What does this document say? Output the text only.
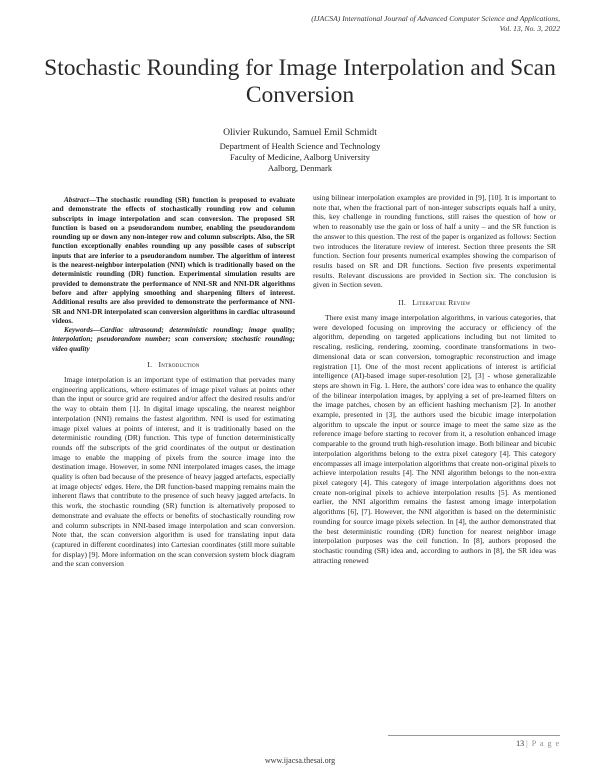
(IJACSA) International Journal of Advanced Computer Science and Applications,
Vol. 13, No. 3, 2022
Stochastic Rounding for Image Interpolation and Scan Conversion
Olivier Rukundo, Samuel Emil Schmidt
Department of Health Science and Technology
Faculty of Medicine, Aalborg University
Aalborg, Denmark

Abstract—The stochastic rounding (SR) function is proposed to evaluate and demonstrate the effects of stochastically rounding row and column subscripts in image interpolation and scan conversion. The proposed SR function is based on a pseudorandom number, enabling the pseudorandom rounding up or down any non-integer row and column subscripts. Also, the SR function exceptionally enables rounding up any possible cases of subscript inputs that are inferior to a pseudorandom number. The algorithm of interest is the nearest-neighbor interpolation (NNI) which is traditionally based on the deterministic rounding (DR) function. Experimental simulation results are provided to demonstrate the performance of NNI-SR and NNI-DR algorithms before and after applying smoothing and sharpening filters of interest. Additional results are also provided to demonstrate the performance of NNI-SR and NNI-DR interpolated scan conversion algorithms in cardiac ultrasound videos.

Keywords—Cardiac ultrasound; deterministic rounding; image quality; interpolation; pseudorandom number; scan conversion; stochastic rounding; video quality

I. Introduction

Image interpolation is an important type of estimation that pervades many engineering applications, where estimates of image pixel values at points other than the input or source grid are required and/or affect the desired results and/or the way to obtain them [1]. In digital image upscaling, the nearest neighbor interpolation (NNI) remains the fastest algorithm. NNI is used for estimating image pixel values at points of interest, and it is traditionally based on the deterministic rounding (DR) function. This type of function deterministically rounds off the subscripts of the grid coordinates of the output or destination image to enable the mapping of pixels from the source image into the destination image. However, in some NNI interpolated images cases, the image quality is often bad because of the presence of heavy jagged artefacts, especially at image objects' edges. Here, the DR function-based mapping remains main the inherent flaws that contribute to the presence of such heavy jagged artefacts. In this work, the stochastic rounding (SR) function is alternatively proposed to demonstrate and evaluate the effects or benefits of stochastically rounding row and column subscripts in NNI-based image interpolation and scan conversion. Note that, the scan conversion algorithm is used for translating input data (captured in different coordinates) into Cartesian coordinates (still more suitable for display) [9]. More information on the scan conversion system block diagram and the scan conversion

using bilinear interpolation examples are provided in [9], [10]. It is important to note that, when the fractional part of non-integer subscripts equals half a unity, this, key challenge in rounding functions, still raises the question of how or when to reasonably use the gain or loss of half a unity – and the SR function is the answer to this question. The rest of the paper is organized as follows: Section two introduces the literature review of interest. Section three presents the SR function. Section four presents numerical examples showing the comparison of results based on SR and DR functions. Section five presents experimental results. Relevant discussions are provided in Section six. The conclusion is given in Section seven.

II. Literature Review

There exist many image interpolation algorithms, in various categories, that were developed focusing on improving the accuracy or efficiency of the algorithm, depending on targeted applications including but not limited to rescaling, reslicing, rendering, zooming, coordinate transformations in two-dimensional data or scan conversion, tomographic reconstruction and image registration [1]. One of the most recent applications of interest is artificial intelligence (AI)-based image super-resolution [2], [3] - whose generalizable steps are shown in Fig. 1. Here, the authors' core idea was to enhance the quality of the bilinear interpolation images, by applying a set of pre-learned filters on the image patches, chosen by an efficient hashing mechanism [2]. In another example, presented in [3], the authors used the bicubic image interpolation algorithm to upscale the input or source image to meet the same size as the reference image before starting to recover from it, a resolution enhanced image comparable to the ground truth high-resolution image. Both bilinear and bicubic interpolation algorithms belong to the extra pixel category [4]. This category encompasses all image interpolation algorithms that create non-original pixels to achieve interpolation results [4]. The NNI algorithm belongs to the non-extra pixel category [4]. This category of image interpolation algorithms does not create non-original pixels to achieve interpolation results [5]. As mentioned earlier, the NNI algorithm remains the fastest among image interpolation algorithms [6], [7]. However, the NNI algorithm is based on the deterministic rounding for source image pixels selection. In [4], the author demonstrated that the best deterministic rounding (DR) function for nearest neighbor image interpolation purposes was the ceil function. In [8], authors proposed the stochastic rounding (SR) idea and, according to authors in [8], the SR idea was attracting renewed

13 | P a g e
www.ijacsa.thesai.org
